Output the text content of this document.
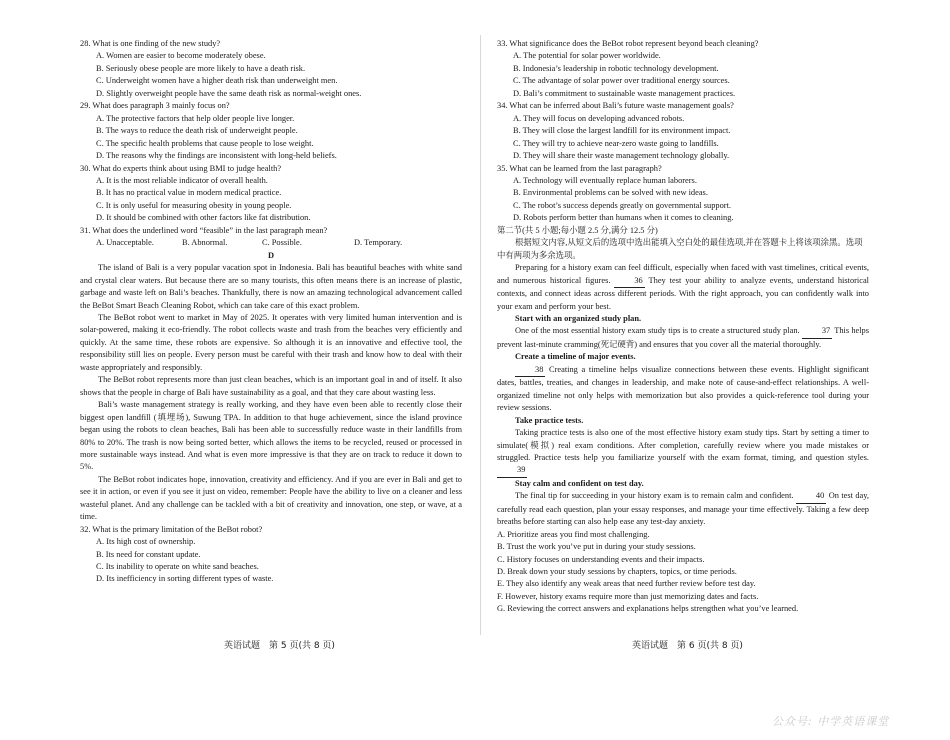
28. What is one finding of the new study?

A. Women are easier to become moderately obese.

B. Seriously obese people are more likely to have a death risk.

C. Underweight women have a higher death risk than underweight men.

D. Slightly overweight people have the same death risk as normal-weight ones.

29. What does paragraph 3 mainly focus on?

A. The protective factors that help older people live longer.

B. The ways to reduce the death risk of underweight people.

C. The specific health problems that cause people to lose weight.

D. The reasons why the findings are inconsistent with long-held beliefs.

30. What do experts think about using BMI to judge health?

A. It is the most reliable indicator of overall health.

B. It has no practical value in modern medical practice.

C. It is only useful for measuring obesity in young people.

D. It should be combined with other factors like fat distribution.

31. What does the underlined word “feasible” in the last paragraph mean?

A. Unacceptable.	B. Abnormal.	C. Possible.	D. Temporary.

D

The island of Bali is a very popular vacation spot in Indonesia. Bali has beautiful beaches with white sand and crystal clear waters. But because there are so many tourists, this often means there is an increase of plastic, garbage and waste left on Bali’s beaches. Thankfully, there is now an amazing technological advancement called the BeBot Smart Beach Cleaning Robot, which can take care of this exact problem.

The BeBot robot went to market in May of 2025. It operates with very limited human intervention and is solar-powered, making it eco-friendly. The robot collects waste and trash from the beaches very efficiently and quickly. At the same time, these robots are expensive. So although it is an innovative and effective tool, the responsibility still lies on people. Every person must be careful with their trash and know how to deal with their waste appropriately and responsibly.

The BeBot robot represents more than just clean beaches, which is an important goal in and of itself. It also shows that the people in charge of Bali have sustainability as a goal, and that they care about wasting less.

Bali’s waste management strategy is really working, and they have even been able to recently close their biggest open landfill (填埋场), Suwung TPA. In addition to that huge achievement, since the island province began using the robots to clean beaches, Bali has been able to successfully reduce waste in their landfills from 80% to 20%. The trash is now being sorted better, which allows the items to be recycled, reused or processed in more sustainable ways instead. And what is even more impressive is that they are on track to reduce it down to 5%.

The BeBot robot indicates hope, innovation, creativity and efficiency. And if you are ever in Bali and get to see it in action, or even if you see it just on video, remember: People have the ability to live on a cleaner and less wasteful planet. And any challenge can be tackled with a bit of creativity and innovation, one step, or wave, at a time.

32. What is the primary limitation of the BeBot robot?

A. Its high cost of ownership.

B. Its need for constant update.

C. Its inability to operate on white sand beaches.

D. Its inefficiency in sorting different types of waste.

33. What significance does the BeBot robot represent beyond beach cleaning?

A. The potential for solar power worldwide.

B. Indonesia’s leadership in robotic technology development.

C. The advantage of solar power over traditional energy sources.

D. Bali’s commitment to sustainable waste management practices.

34. What can be inferred about Bali’s future waste management goals?

A. They will focus on developing advanced robots.

B. They will close the largest landfill for its environment impact.

C. They will try to achieve near-zero waste going to landfills.

D. They will share their waste management technology globally.

35. What can be learned from the last paragraph?

A. Technology will eventually replace human laborers.

B. Environmental problems can be solved with new ideas.

C. The robot’s success depends greatly on governmental support.

D. Robots perform better than humans when it comes to cleaning.

第二节(共 5 小题;每小题 2.5 分,满分 12.5 分)

根据短文内容,从短文后的选项中选出能填入空白处的最佳选项,并在答题卡上将该项涂黑。选项中有两项为多余选项。

Preparing for a history exam can feel difficult, especially when faced with vast timelines, critical events, and numerous historical figures.	36 They test your ability to analyze events, understand historical contexts, and connect ideas across different periods. With the right approach, you can confidently walk into your exam and perform your best.

Start with an organized study plan.

One of the most essential history exam study tips is to create a structured study plan.	37 This helps prevent last-minute cramming(死记硬背) and ensures that you cover all the material thoroughly.

Create a timeline of major events.

38 Creating a timeline helps visualize connections between these events. Highlight significant dates, battles, treaties, and changes in leadership, and make note of cause-and-effect relationships. A well-organized timeline not only helps with memorization but also provides a quick-reference tool during your review sessions.

Take practice tests.

Taking practice tests is also one of the most effective history exam study tips. Start by setting a timer to simulate(模拟) real exam conditions. After completion, carefully review where you made mistakes or struggled. Practice tests help you familiarize yourself with the exam format, timing, and question styles. 39

Stay calm and confident on test day.

The final tip for succeeding in your history exam is to remain calm and confident.	40 On test day, carefully read each question, plan your essay responses, and manage your time effectively. Taking a few deep breaths before starting can also help ease any test-day anxiety.

A. Prioritize areas you find most challenging.

B. Trust the work you’ve put in during your study sessions.

C. History focuses on understanding events and their impacts.

D. Break down your study sessions by chapters, topics, or time periods.

E. They also identify any weak areas that need further review before test day.

F. However, history exams require more than just memorizing dates and facts.

G. Reviewing the correct answers and explanations helps strengthen what you’ve learned.

英语试题　第 5 页(共 8 页)	英语试题　第 6 页(共 8 页)
公众号: 中学英语课堂
